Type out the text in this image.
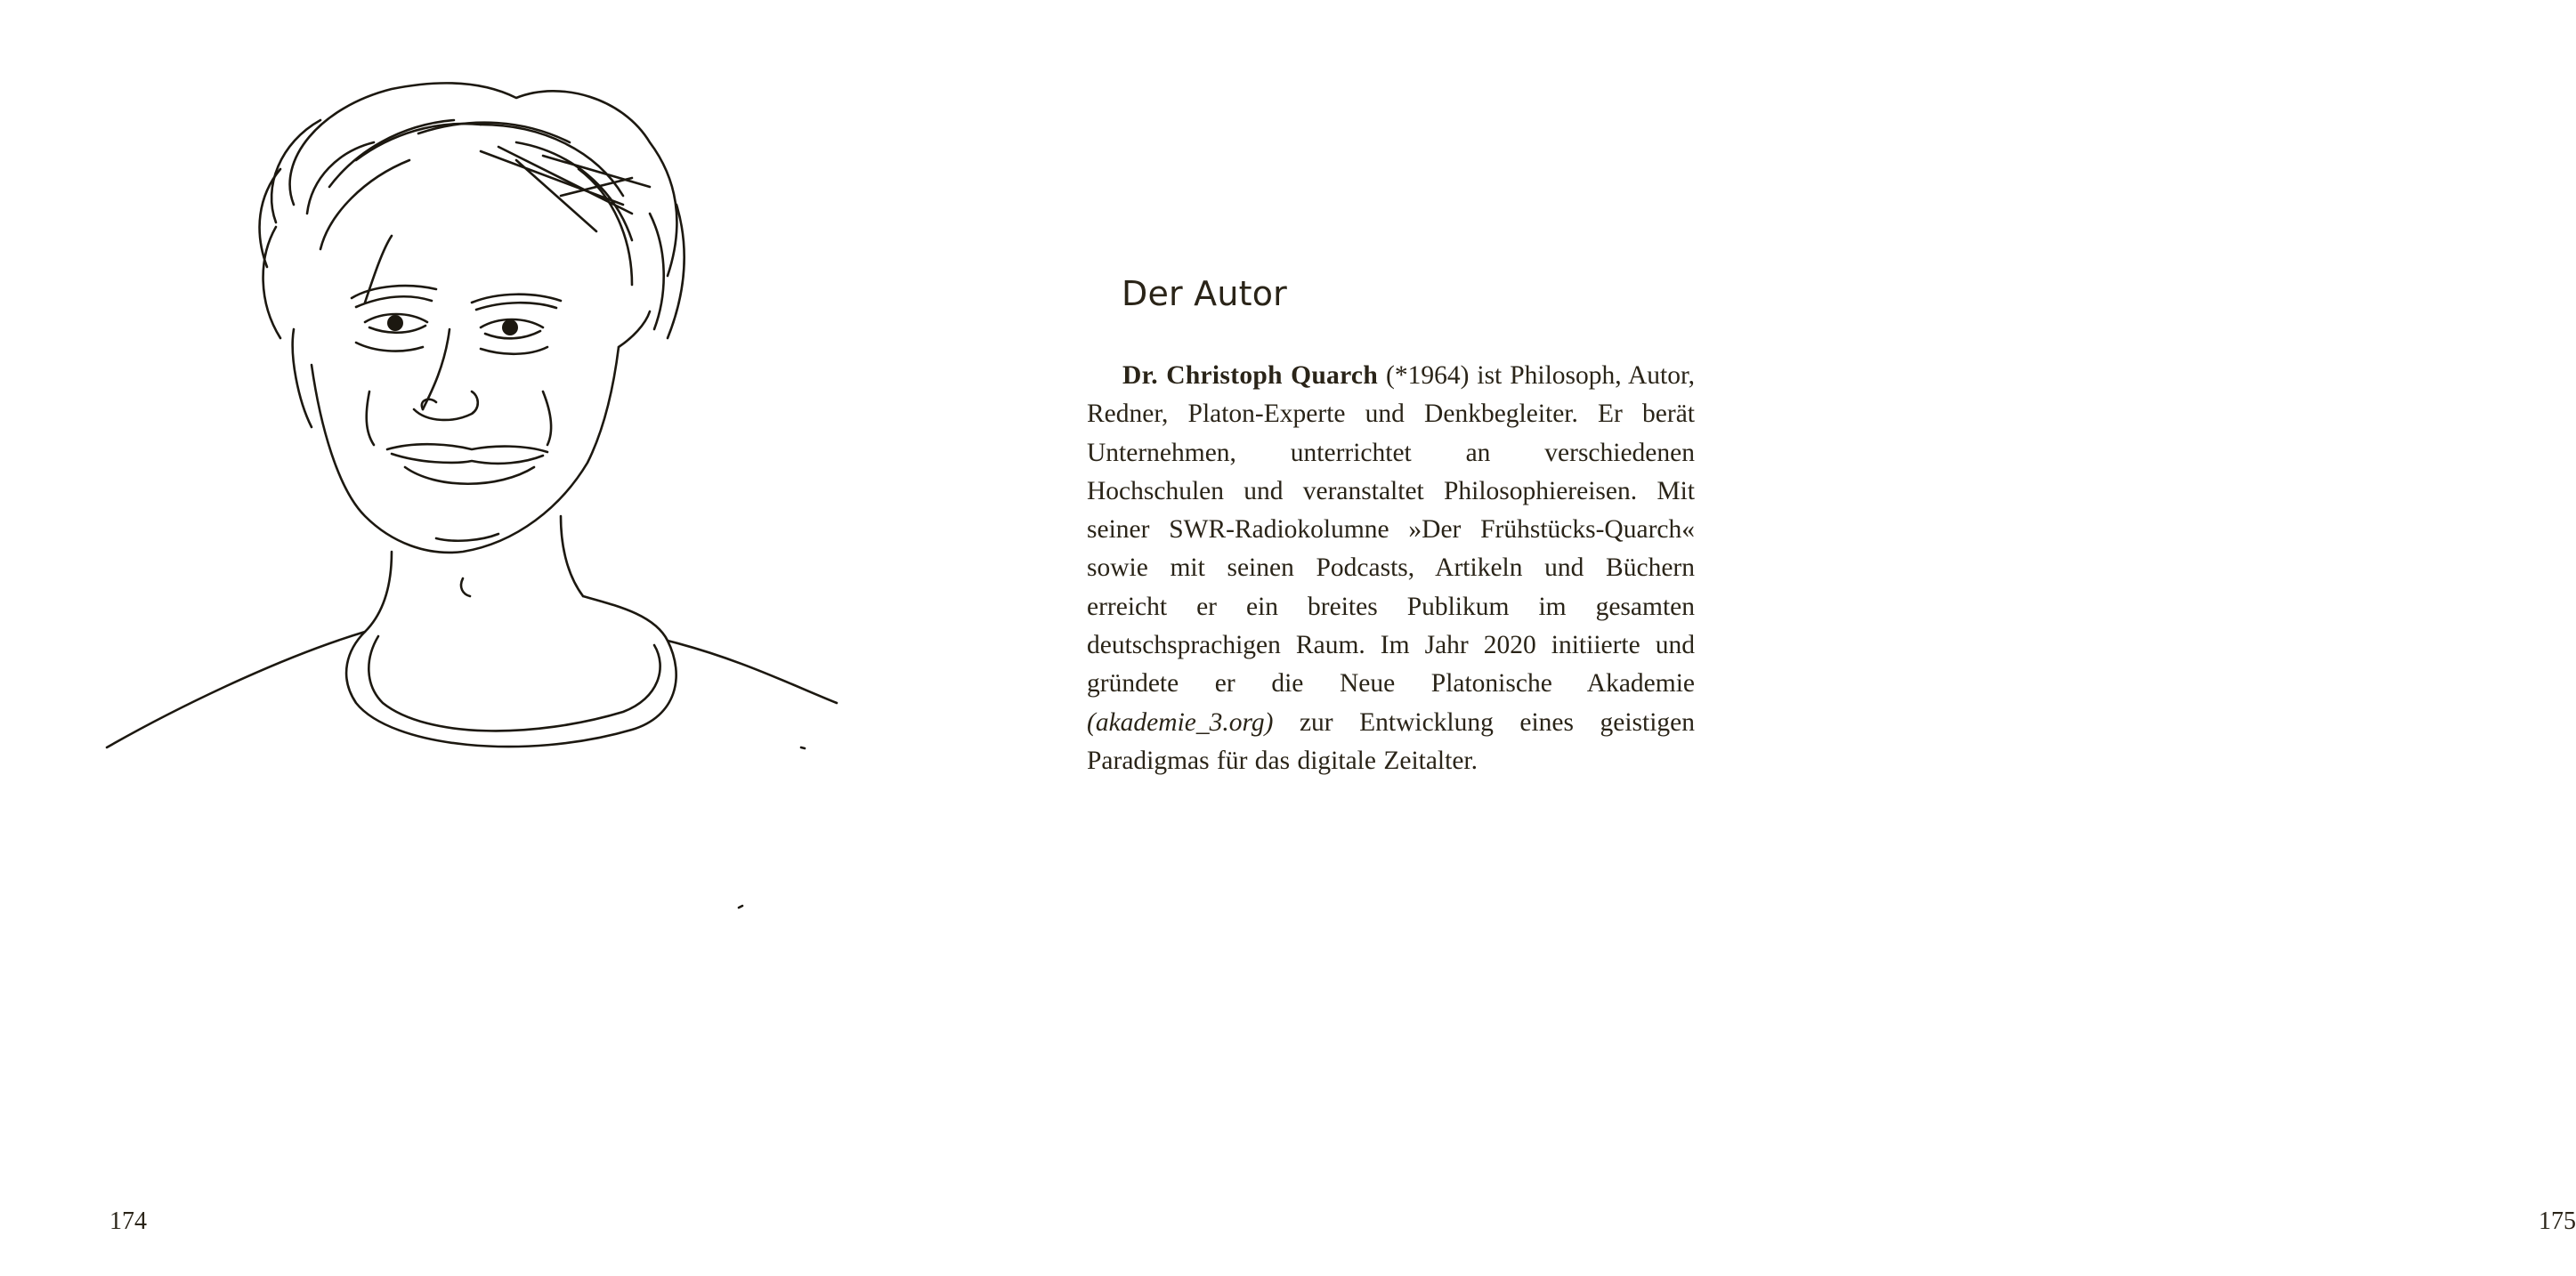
174

Der Autor

Dr. Christoph Quarch (*1964) ist Philosoph, Autor, Redner, Platon-Experte und Denkbegleiter. Er berät Unternehmen, unterrichtet an verschiedenen Hochschulen und veranstaltet Philosophiereisen. Mit seiner SWR-Radiokolumne »Der Frühstücks-Quarch« sowie mit seinen Podcasts, Artikeln und Büchern erreicht er ein breites Publikum im gesamten deutschsprachigen Raum. Im Jahr 2020 initiierte und gründete er die Neue Platonische Akademie (akademie_3.org) zur Entwicklung eines geistigen Paradigmas für das digitale Zeitalter.

175
